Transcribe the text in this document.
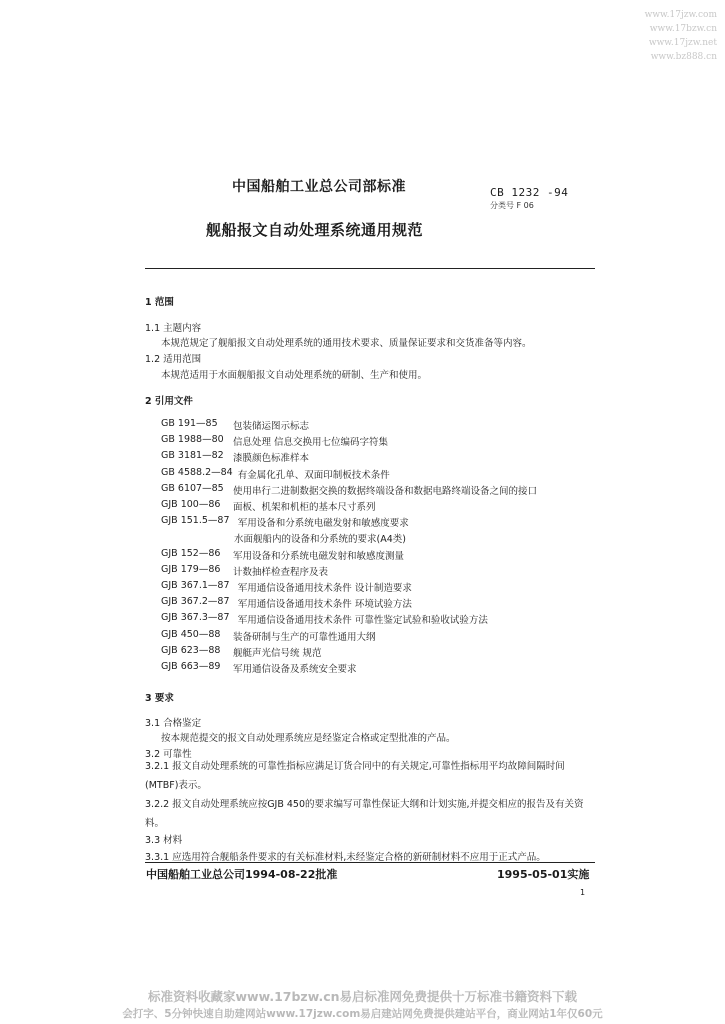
www.17jzw.com
www.17bzw.cn
www.17jzw.net
www.bz888.cn
中国船舶工业总公司部标准	CB 1232 -94
分类号 F 06
舰船报文自动处理系统通用规范
1 范围
1.1 主题内容
本规范规定了舰船报文自动处理系统的通用技术要求、质量保证要求和交货准备等内容。
1.2 适用范围
本规范适用于水面舰船报文自动处理系统的研制、生产和使用。
2 引用文件
GB 191—85 包装储运图示标志
GB 1988—80 信息处理 信息交换用七位编码字符集
GB 3181—82 漆膜颜色标准样本
GB 4588.2—84 有金属化孔单、双面印制板技术条件
GB 6107—85 使用串行二进制数据交换的数据终端设备和数据电路终端设备之间的接口
GJB 100—86 面板、机架和机柜的基本尺寸系列
GJB 151.5—87 军用设备和分系统电磁发射和敏感度要求
水面舰船内的设备和分系统的要求(A4类)
GJB 152—86 军用设备和分系统电磁发射和敏感度测量
GJB 179—86 计数抽样检查程序及表
GJB 367.1—87 军用通信设备通用技术条件 设计制造要求
GJB 367.2—87 军用通信设备通用技术条件 环境试验方法
GJB 367.3—87 军用通信设备通用技术条件 可靠性鉴定试验和验收试验方法
GJB 450—88 装备研制与生产的可靠性通用大纲
GJB 623—88 舰艇声光信号统 规范
GJB 663—89 军用通信设备及系统安全要求
3 要求
3.1 合格鉴定
按本规范提交的报文自动处理系统应是经鉴定合格或定型批准的产品。
3.2 可靠性
3.2.1 报文自动处理系统的可靠性指标应满足订货合同中的有关规定,可靠性指标用平均故障间隔时间(MTBF)表示。
3.2.2 报文自动处理系统应按GJB 450的要求编写可靠性保证大纲和计划实施,并提交相应的报告及有关资料。
3.3 材料
3.3.1 应选用符合舰船条件要求的有关标准材料,未经鉴定合格的新研制材料不应用于正式产品。
中国船舶工业总公司1994-08-22批准	1995-05-01实施
1
标准资料收藏家www.17bzw.cn易启标准网免费提供十万标准书籍资料下载
会打字、5分钟快速自助建网站www.17jzw.com易启建站网免费提供建站平台，商业网站1年仅60元
